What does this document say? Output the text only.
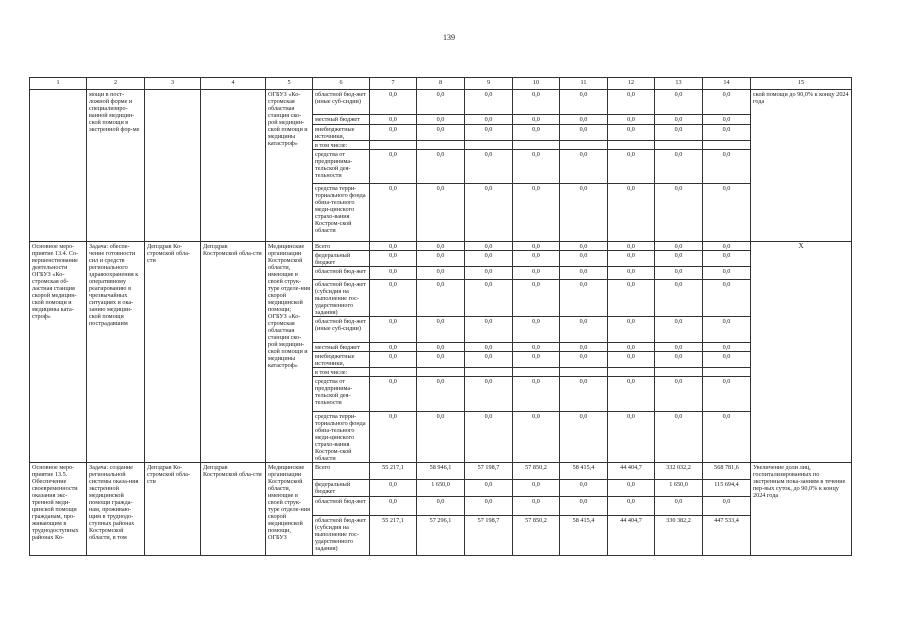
139
1	2	3	4	5	6	7	8	9	10	11	12	13	14	15
	мощи в пост-ложной форме и специализиро-ванной медицин-ской помощи в экстренной фор-ме			ОГБУЗ «Ко-стромская областная станция ско-рой медицин-ской помощи и медицины катастроф»	областной бюд-жет (иные суб-сидии)	0,0	0,0	0,0	0,0	0,0	0,0	0,0	0,0	ской помощи до 90,0% к концу 2024 года
					местный бюджет	0,0	0,0	0,0	0,0	0,0	0,0	0,0	0,0	
					внебюджетные источники,	0,0	0,0	0,0	0,0	0,0	0,0	0,0	0,0	
					в том числе:									
					средства от предпринима-тельской дея-тельности	0,0	0,0	0,0	0,0	0,0	0,0	0,0	0,0	
					средства терри-ториального фонда обяза-тельного меди-цинского страхо-вания Костром-ской области	0,0	0,0	0,0	0,0	0,0	0,0	0,0	0,0	
Основное меро-приятие 13.4. Со-вершенствование деятельности ОГБУЗ «Ко-стромская об-ластная станция скорой медицин-ской помощи и медицины ката-строф»	Задача: обеспе-чение готовности сил и средств регионального здравоохранения к оперативному реагированию в чрезвычайных ситуациях и ока-занию медицин-ской помощи пострадавшим	Депздрав Ко-стромской обла-сти	Депздрав Костромской обла-сти	Медицинские организации Костромской области, имеющие в своей струк-туре отделе-ния скорой медицинской помощи; ОГБУЗ «Ко-стромская областная станция ско-рой медицин-ской помощи и медицины катастроф»	Всего	0,0	0,0	0,0	0,0	0,0	0,0	0,0	0,0	Х
					федеральный бюджет	0,0	0,0	0,0	0,0	0,0	0,0	0,0	0,0	
					областной бюд-жет	0,0	0,0	0,0	0,0	0,0	0,0	0,0	0,0	
					областной бюд-жет (субсидия на выполнение гос-ударственного задания)	0,0	0,0	0,0	0,0	0,0	0,0	0,0	0,0	
					областной бюд-жет (иные суб-сидии)	0,0	0,0	0,0	0,0	0,0	0,0	0,0	0,0	
					местный бюджет	0,0	0,0	0,0	0,0	0,0	0,0	0,0	0,0	
					внебюджетные источники,	0,0	0,0	0,0	0,0	0,0	0,0	0,0	0,0	
					в том числе:									
					средства от предпринима-тельской дея-тельности	0,0	0,0	0,0	0,0	0,0	0,0	0,0	0,0	
					средства терри-ториального фонда обяза-тельного меди-цинского страхо-вания Костром-ской области	0,0	0,0	0,0	0,0	0,0	0,0	0,0	0,0	
Основное меро-приятие 13.5. Обеспечение своевременности оказания экс-тренной меди-цинской помощи гражданам, про-живающим в труднодоступных районах Ко-	Задача: создание региональной системы оказа-ния экстренной медицинской помощи гражда-нам, проживаю-щим в труднодо-ступных районах Костромской области, в том	Депздрав Ко-стромской обла-сти	Депздрав Костромской обла-сти	Медицинские организации Костромской области, имеющие в своей струк-туре отделе-ния скорой медицинской помощи, ОГБУЗ	Всего	55 217,1	58 946,1	57 198,7	57 850,2	58 415,4	44 404,7	332 032,2	568 781,6	Увеличение доли лиц, госпитализированных по экстренным пока-заниям в течение пер-вых суток, до 90,0% к концу 2024 года
					федеральный бюджет	0,0	1 650,0	0,0	0,0	0,0	0,0	1 650,0	115 694,4	
					областной бюд-жет	0,0	0,0	0,0	0,0	0,0	0,0	0,0	0,0	
					областной бюд-жет (субсидия на выполнение гос-ударственного задания)	55 217,1	57 296,1	57 198,7	57 850,2	58 415,4	44 404,7	330 382,2	447 533,4	
